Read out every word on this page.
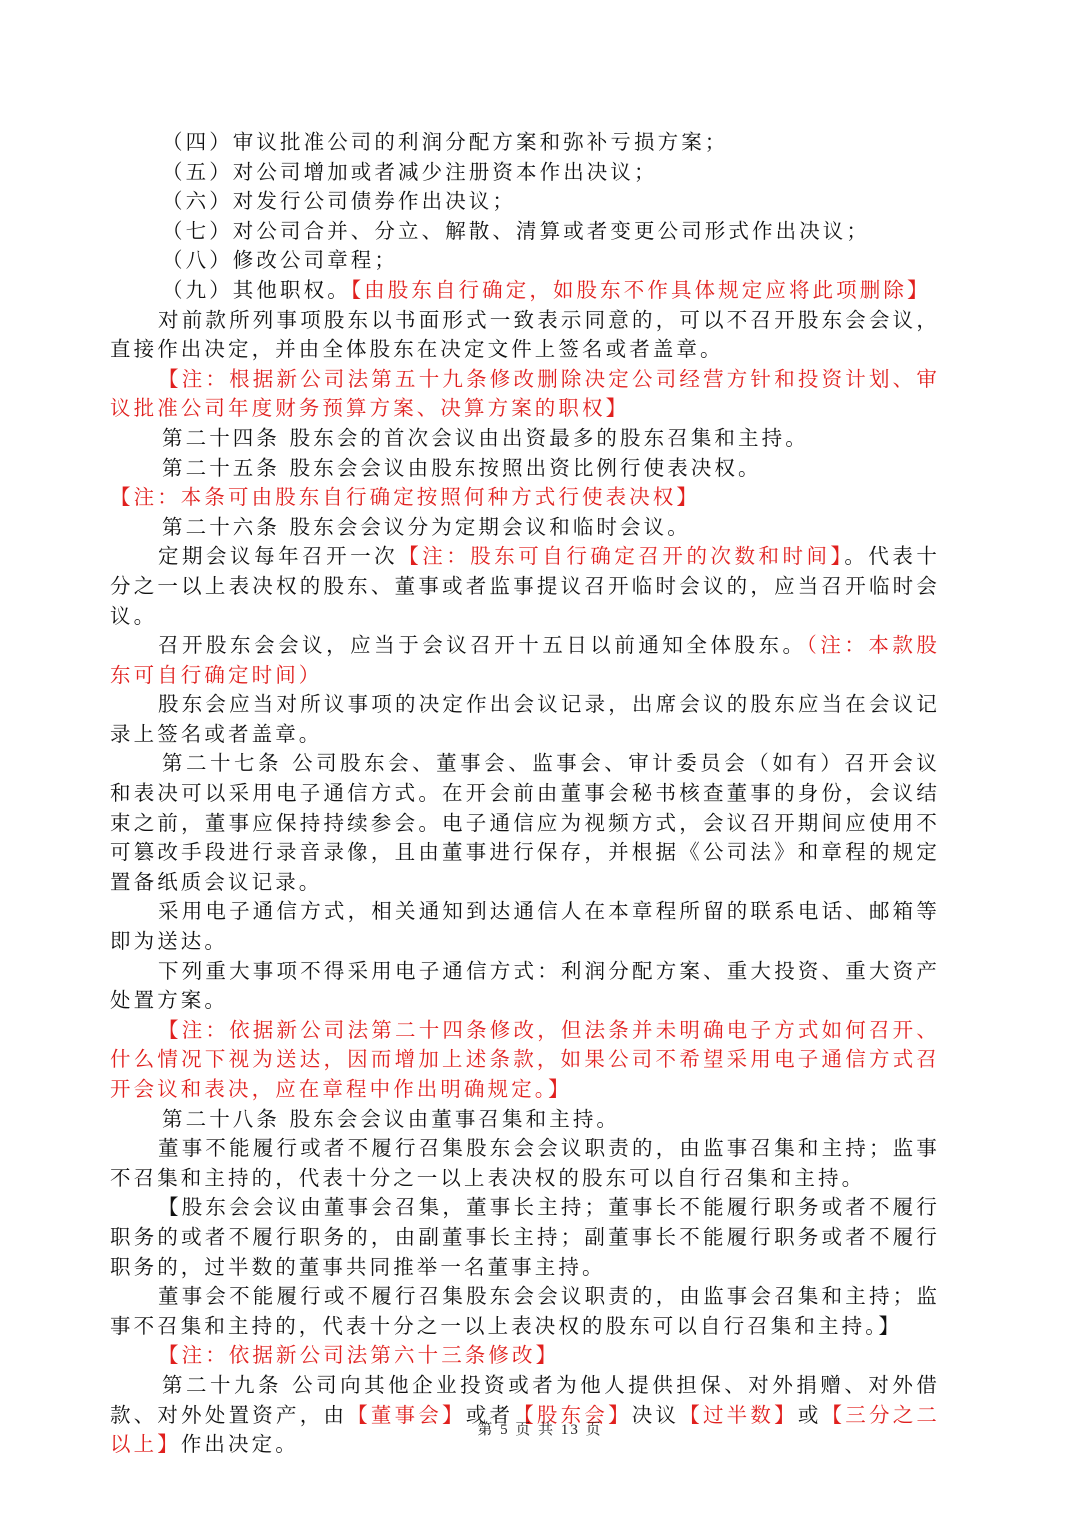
（四）审议批准公司的利润分配方案和弥补亏损方案；

（五）对公司增加或者减少注册资本作出决议；

（六）对发行公司债券作出决议；

（七）对公司合并、分立、解散、清算或者变更公司形式作出决议；

（八）修改公司章程；

（九）其他职权。【由股东自行确定，如股东不作具体规定应将此项删除】

对前款所列事项股东以书面形式一致表示同意的，可以不召开股东会会议，直接作出决定，并由全体股东在决定文件上签名或者盖章。

【注：根据新公司法第五十九条修改删除决定公司经营方针和投资计划、审议批准公司年度财务预算方案、决算方案的职权】

第二十四条 股东会的首次会议由出资最多的股东召集和主持。

第二十五条 股东会会议由股东按照出资比例行使表决权。

【注：本条可由股东自行确定按照何种方式行使表决权】

第二十六条 股东会会议分为定期会议和临时会议。

定期会议每年召开一次【注：股东可自行确定召开的次数和时间】。代表十分之一以上表决权的股东、董事或者监事提议召开临时会议的，应当召开临时会议。

召开股东会会议，应当于会议召开十五日以前通知全体股东。（注：本款股东可自行确定时间）

股东会应当对所议事项的决定作出会议记录，出席会议的股东应当在会议记录上签名或者盖章。

第二十七条 公司股东会、董事会、监事会、审计委员会（如有）召开会议和表决可以采用电子通信方式。在开会前由董事会秘书核查董事的身份，会议结束之前，董事应保持持续参会。电子通信应为视频方式，会议召开期间应使用不可篡改手段进行录音录像，且由董事进行保存，并根据《公司法》和章程的规定置备纸质会议记录。

采用电子通信方式，相关通知到达通信人在本章程所留的联系电话、邮箱等即为送达。

下列重大事项不得采用电子通信方式：利润分配方案、重大投资、重大资产处置方案。

【注：依据新公司法第二十四条修改，但法条并未明确电子方式如何召开、什么情况下视为送达，因而增加上述条款，如果公司不希望采用电子通信方式召开会议和表决，应在章程中作出明确规定。】

第二十八条 股东会会议由董事召集和主持。

董事不能履行或者不履行召集股东会会议职责的，由监事召集和主持；监事不召集和主持的，代表十分之一以上表决权的股东可以自行召集和主持。

【股东会会议由董事会召集，董事长主持；董事长不能履行职务或者不履行职务的或者不履行职务的，由副董事长主持；副董事长不能履行职务或者不履行职务的，过半数的董事共同推举一名董事主持。

董事会不能履行或不履行召集股东会会议职责的，由监事会召集和主持；监事不召集和主持的，代表十分之一以上表决权的股东可以自行召集和主持。】

【注：依据新公司法第六十三条修改】

第二十九条 公司向其他企业投资或者为他人提供担保、对外捐赠、对外借款、对外处置资产，由【董事会】或者【股东会】决议【过半数】或【三分之二以上】作出决定。

第 5 页 共 13 页
